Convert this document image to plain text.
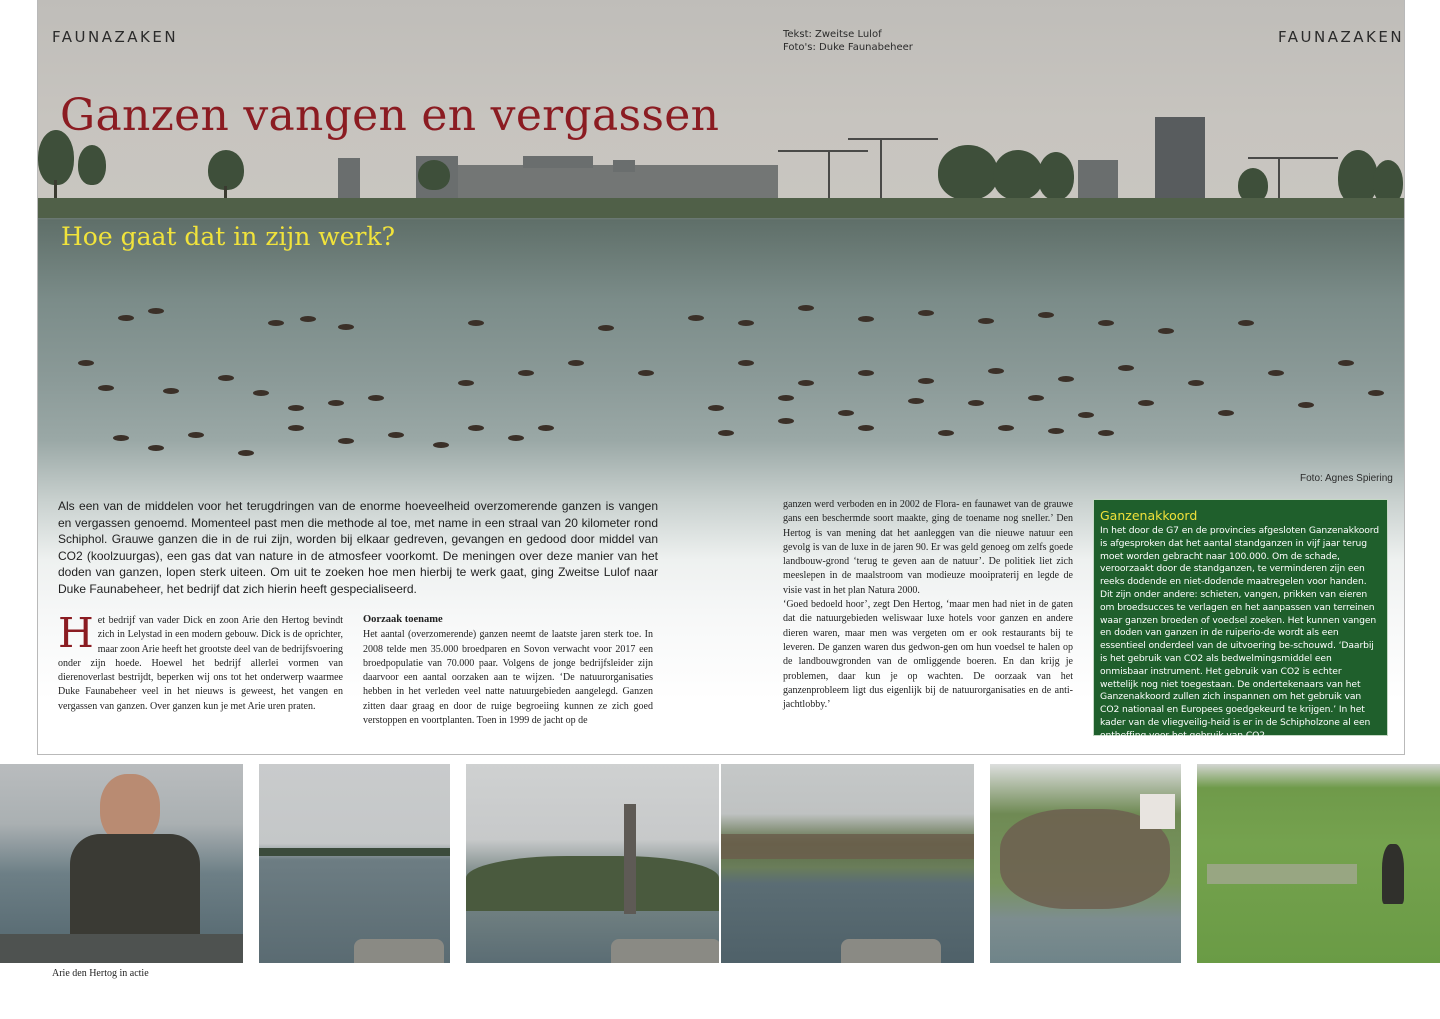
FAUNAZAKEN	FAUNAZAKEN
Tekst: Zweitse Lulof
Foto's: Duke Faunabeheer
Ganzen vangen en vergassen
Hoe gaat dat in zijn werk?
Foto: Agnes Spiering
Als een van de middelen voor het terugdringen van de enorme hoeveelheid overzomerende ganzen is vangen en vergassen genoemd. Momenteel past men die methode al toe, met name in een straal van 20 kilometer rond Schiphol. Grauwe ganzen die in de rui zijn, worden bij elkaar gedreven, gevangen en gedood door middel van CO2 (koolzuurgas), een gas dat van nature in de atmosfeer voorkomt. De meningen over deze manier van het doden van ganzen, lopen sterk uiteen. Om uit te zoeken hoe men hierbij te werk gaat, ging Zweitse Lulof naar Duke Faunabeheer, het bedrijf dat zich hierin heeft gespecialiseerd.

Het bedrijf van vader Dick en zoon Arie den Hertog bevindt zich in Lelystad in een modern gebouw. Dick is de oprichter, maar zoon Arie heeft het grootste deel van de bedrijfsvoering onder zijn hoede. Hoewel het bedrijf allerlei vormen van dierenoverlast bestrijdt, beperken wij ons tot het onderwerp waarmee Duke Faunabeheer veel in het nieuws is geweest, het vangen en vergassen van ganzen. Over ganzen kun je met Arie uren praten.

Oorzaak toename

Het aantal (overzomerende) ganzen neemt de laatste jaren sterk toe. In 2008 telde men 35.000 broedparen en Sovon verwacht voor 2017 een broedpopulatie van 70.000 paar. Volgens de jonge bedrijfsleider zijn daarvoor een aantal oorzaken aan te wijzen. ‘De natuurorganisaties hebben in het verleden veel natte natuurgebieden aangelegd. Ganzen zitten daar graag en door de ruige begroeiing kunnen ze zich goed verstoppen en voortplanten. Toen in 1999 de jacht op de

ganzen werd verboden en in 2002 de Flora- en faunawet van de grauwe gans een beschermde soort maakte, ging de toename nog sneller.’ Den Hertog is van mening dat het aanleggen van die nieuwe natuur een gevolg is van de luxe in de jaren 90. Er was geld genoeg om zelfs goede landbouw-grond ‘terug te geven aan de natuur’. De politiek liet zich meeslepen in de maalstroom van modieuze mooipraterij en legde de visie vast in het plan Natura 2000.

‘Goed bedoeld hoor’, zegt Den Hertog, ‘maar men had niet in de gaten dat die natuurgebieden weliswaar luxe hotels voor ganzen en andere dieren waren, maar men was vergeten om er ook restaurants bij te leveren. De ganzen waren dus gedwon-gen om hun voedsel te halen op de landbouwgronden van de omliggende boeren. En dan krijg je problemen, daar kun je op wachten. De oorzaak van het ganzenprobleem ligt dus eigenlijk bij de natuurorganisaties en de anti-jachtlobby.’

Ganzenakkoord

In het door de G7 en de provincies afgesloten Ganzenakkoord is afgesproken dat het aantal standganzen in vijf jaar terug moet worden gebracht naar 100.000. Om de schade, veroorzaakt door de standganzen, te verminderen zijn een reeks dodende en niet-dodende maatregelen voor handen. Dit zijn onder andere: schieten, vangen, prikken van eieren om broedsucces te verlagen en het aanpassen van terreinen waar ganzen broeden of voedsel zoeken. Het kunnen vangen en doden van ganzen in de ruiperio-de wordt als een essentieel onderdeel van de uitvoering be-schouwd. ‘Daarbij is het gebruik van CO2 als bedwelmingsmiddel een onmisbaar instrument. Het gebruik van CO2 is echter wettelijk nog niet toegestaan. De ondertekenaars van het Ganzenakkoord zullen zich inspannen om het gebruik van CO2 nationaal en Europees goedgekeurd te krijgen.’ In het kader van de vliegveilig-heid is er in de Schipholzone al een ontheffing voor het gebruik van CO2.

Arie den Hertog in actie
